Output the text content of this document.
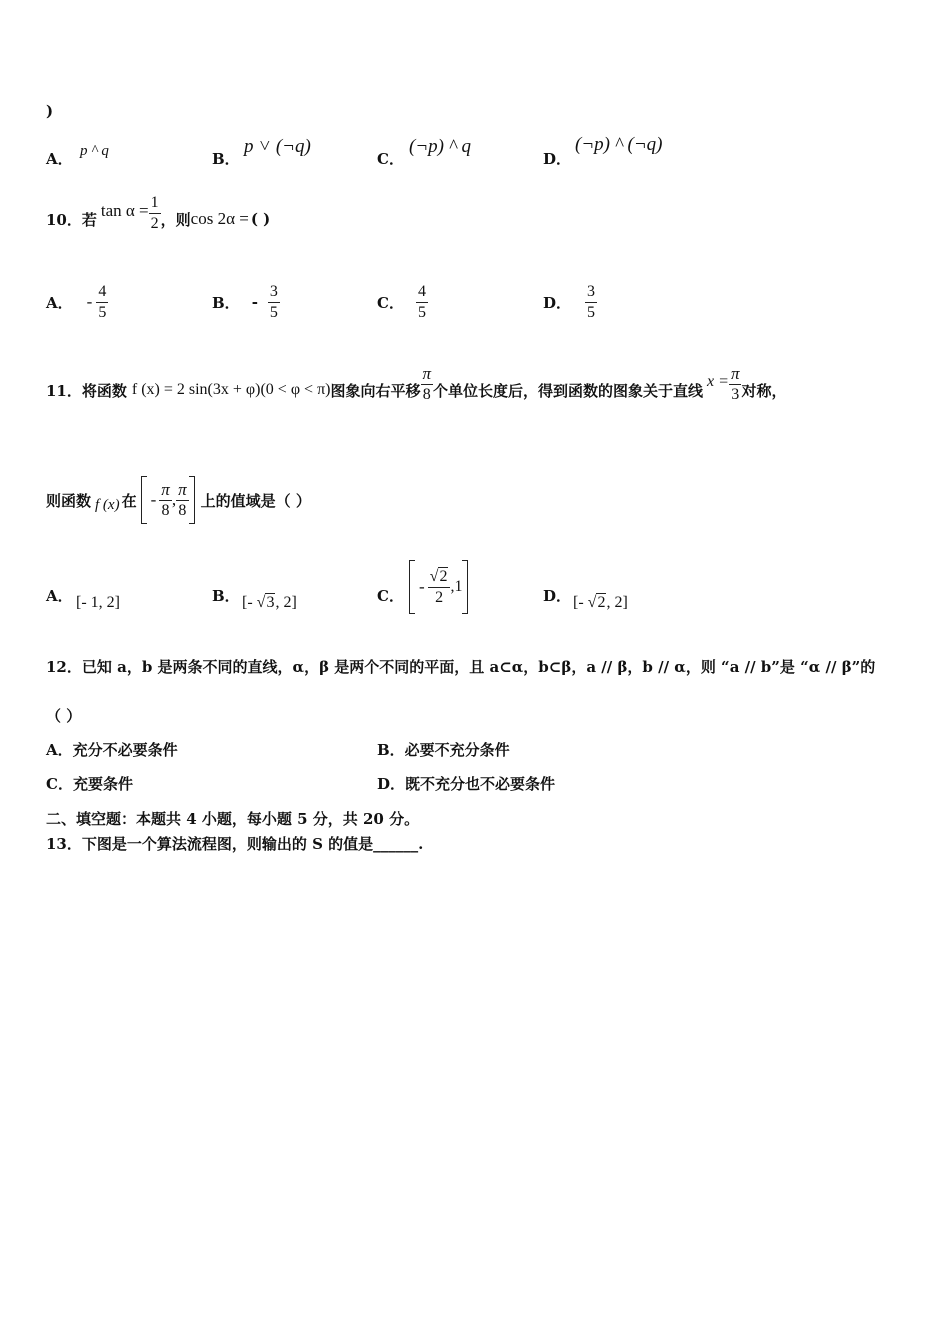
)
A． p ^ q	B．
p ˅ (¬q)
C．
(¬p) ^ q
D．
(¬p) ^ (¬q)
10．若 $\tan \alpha = \frac{1}{2}$ ，则 cos 2α = ( )
A． - $\frac{4}{5}$	B． - $\frac{3}{5}$	C． $\frac{4}{5}$	D． $\frac{3}{5}$
11．将函数 f (x) = 2 sin(3x + φ)(0 < φ < π) 图象向右平移 $\frac{\pi}{8}$ 个单位长度后，得到函数的图象关于直线 $x = \frac{\pi}{3}$ 对称，
则函数 f (x) 在 - $\frac{\pi}{8}$ , $\frac{\pi}{8}$ 上的值域是（ ）
A． [- 1, 2]	B． [- √3, 2]	C． - $\frac{√2}{2} ,1$
D． [- √2, 2]
12．已知 a，b 是两条不同的直线，α，β 是两个不同的平面，且 a⊂α，b⊂β，a // β，b // α，则 “a // b”是 “α // β”的
（ ）
A．充分不必要条件	B．必要不充分条件
C．充要条件	D．既不充分也不必要条件
二、填空题：本题共 4 小题，每小题 5 分，共 20 分。
13．下图是一个算法流程图，则输出的 S 的值是______.
